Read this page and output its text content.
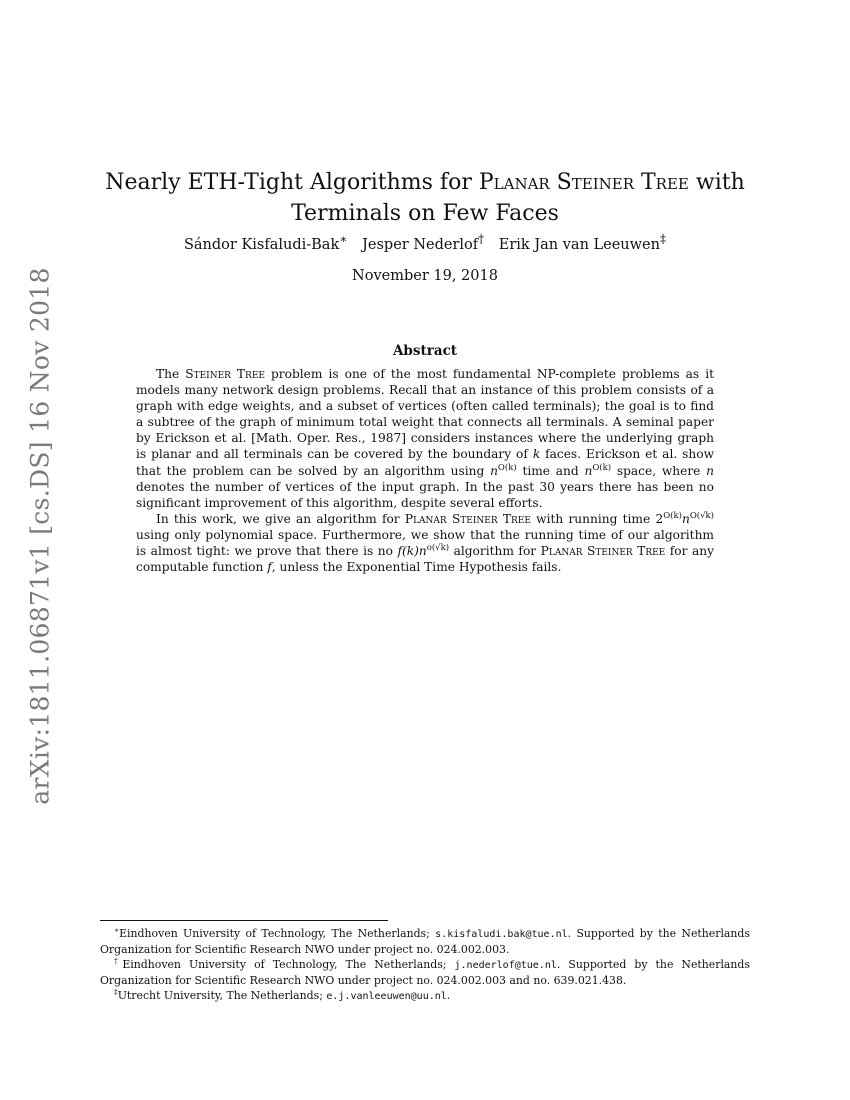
arXiv:1811.06871v1 [cs.DS] 16 Nov 2018
Nearly ETH-Tight Algorithms for Planar Steiner Tree with
Terminals on Few Faces
Sándor Kisfaludi-Bak∗ Jesper Nederlof† Erik Jan van Leeuwen‡
November 19, 2018
Abstract

The Steiner Tree problem is one of the most fundamental NP-complete problems as it models many network design problems. Recall that an instance of this problem consists of a graph with edge weights, and a subset of vertices (often called terminals); the goal is to find a subtree of the graph of minimum total weight that connects all terminals. A seminal paper by Erickson et al. [Math. Oper. Res., 1987] considers instances where the underlying graph is planar and all terminals can be covered by the boundary of k faces. Erickson et al. show that the problem can be solved by an algorithm using $n^{O(k)}$ time and $n^{O(k)}$ space, where n denotes the number of vertices of the input graph. In the past 30 years there has been no significant improvement of this algorithm, despite several efforts.

In this work, we give an algorithm for Planar Steiner Tree with running time $2^{O(k)}n^{O(√k)}$ using only polynomial space. Furthermore, we show that the running time of our algorithm is almost tight: we prove that there is no $f(k)n^{o(√k)}$ algorithm for Planar Steiner Tree for any computable function f, unless the Exponential Time Hypothesis fails.

∗Eindhoven University of Technology, The Netherlands; s.kisfaludi.bak@tue.nl. Supported by the Netherlands Organization for Scientific Research NWO under project no. 024.002.003.

†Eindhoven University of Technology, The Netherlands; j.nederlof@tue.nl. Supported by the Netherlands Organization for Scientific Research NWO under project no. 024.002.003 and no. 639.021.438.

‡Utrecht University, The Netherlands; e.j.vanleeuwen@uu.nl.
